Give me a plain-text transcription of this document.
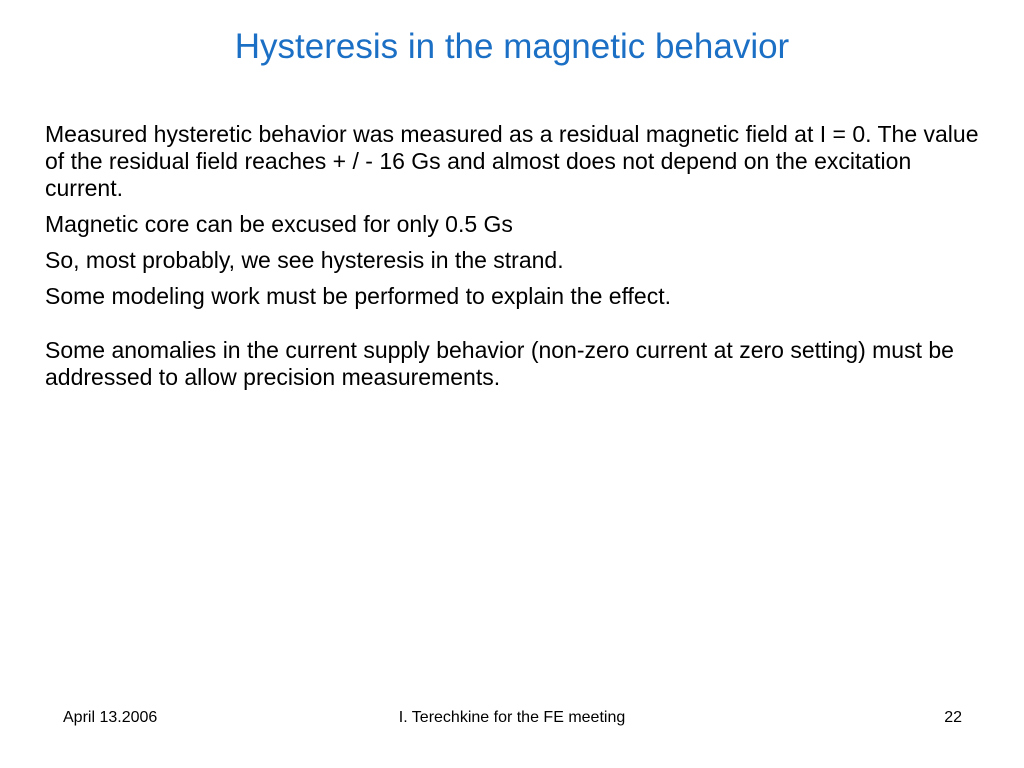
Hysteresis in the magnetic behavior

Measured hysteretic behavior was measured as a residual magnetic field at I = 0. The value of the residual field reaches + / - 16 Gs and almost does not depend on the excitation current.

Magnetic core can be excused for only 0.5 Gs

So, most probably, we see hysteresis in the strand.

Some modeling work must be performed to explain the effect.

Some anomalies in the current supply behavior (non-zero current at zero setting) must be addressed to allow precision measurements.

April 13.2006	I. Terechkine for the FE meeting	22
